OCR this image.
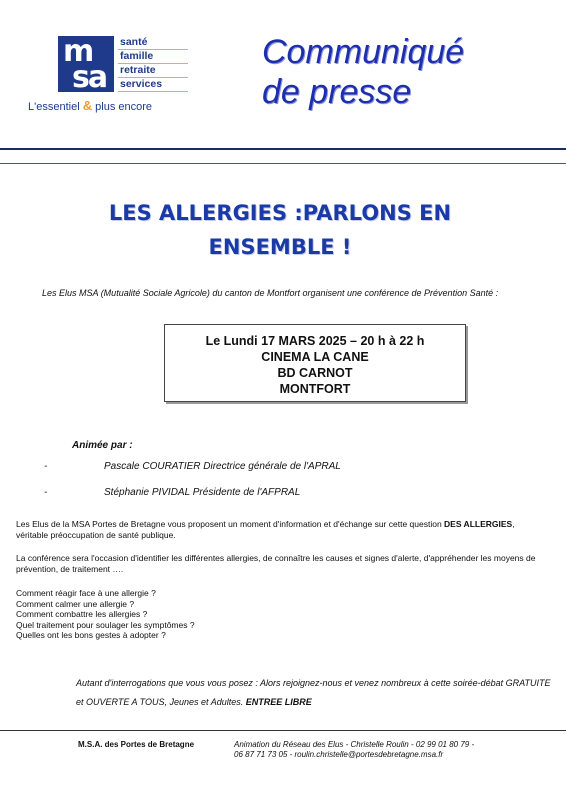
m
sa
santé
famille
retraite
services
L'essentiel & plus encore
Communiqué
de presse
LES ALLERGIES :PARLONS EN
ENSEMBLE !
Les Elus MSA (Mutualité Sociale Agricole) du canton de Montfort organisent une conférence de Prévention Santé :
Le Lundi 17 MARS 2025 – 20 h à 22 h
CINEMA LA CANE
BD CARNOT
MONTFORT
Animée par :
-	Pascale COURATIER Directrice générale de l'APRAL
-	Stéphanie PIVIDAL Présidente de l'AFPRAL
Les Elus de la MSA Portes de Bretagne vous proposent un moment d'information et d'échange sur cette question DES ALLERGIES, véritable préoccupation de santé publique.
La conférence sera l'occasion d'identifier les différentes allergies, de connaître les causes et signes d'alerte, d'appréhender les moyens de prévention, de traitement ….
Comment réagir face à une allergie ?
Comment calmer une allergie ?
Comment combattre les allergies ?
Quel traitement pour soulager les symptômes ?
Quelles ont les bons gestes à adopter ?
Autant d'interrogations que vous vous posez : Alors rejoignez-nous et venez nombreux à cette soirée-débat GRATUITE et OUVERTE A TOUS, Jeunes et Adultes. ENTREE LIBRE
M.S.A. des Portes de Bretagne	Animation du Réseau des Elus - Christelle Roulin - 02 99 01 80 79 -
06 87 71 73 05 - roulin.christelle@portesdebretagne.msa.fr
